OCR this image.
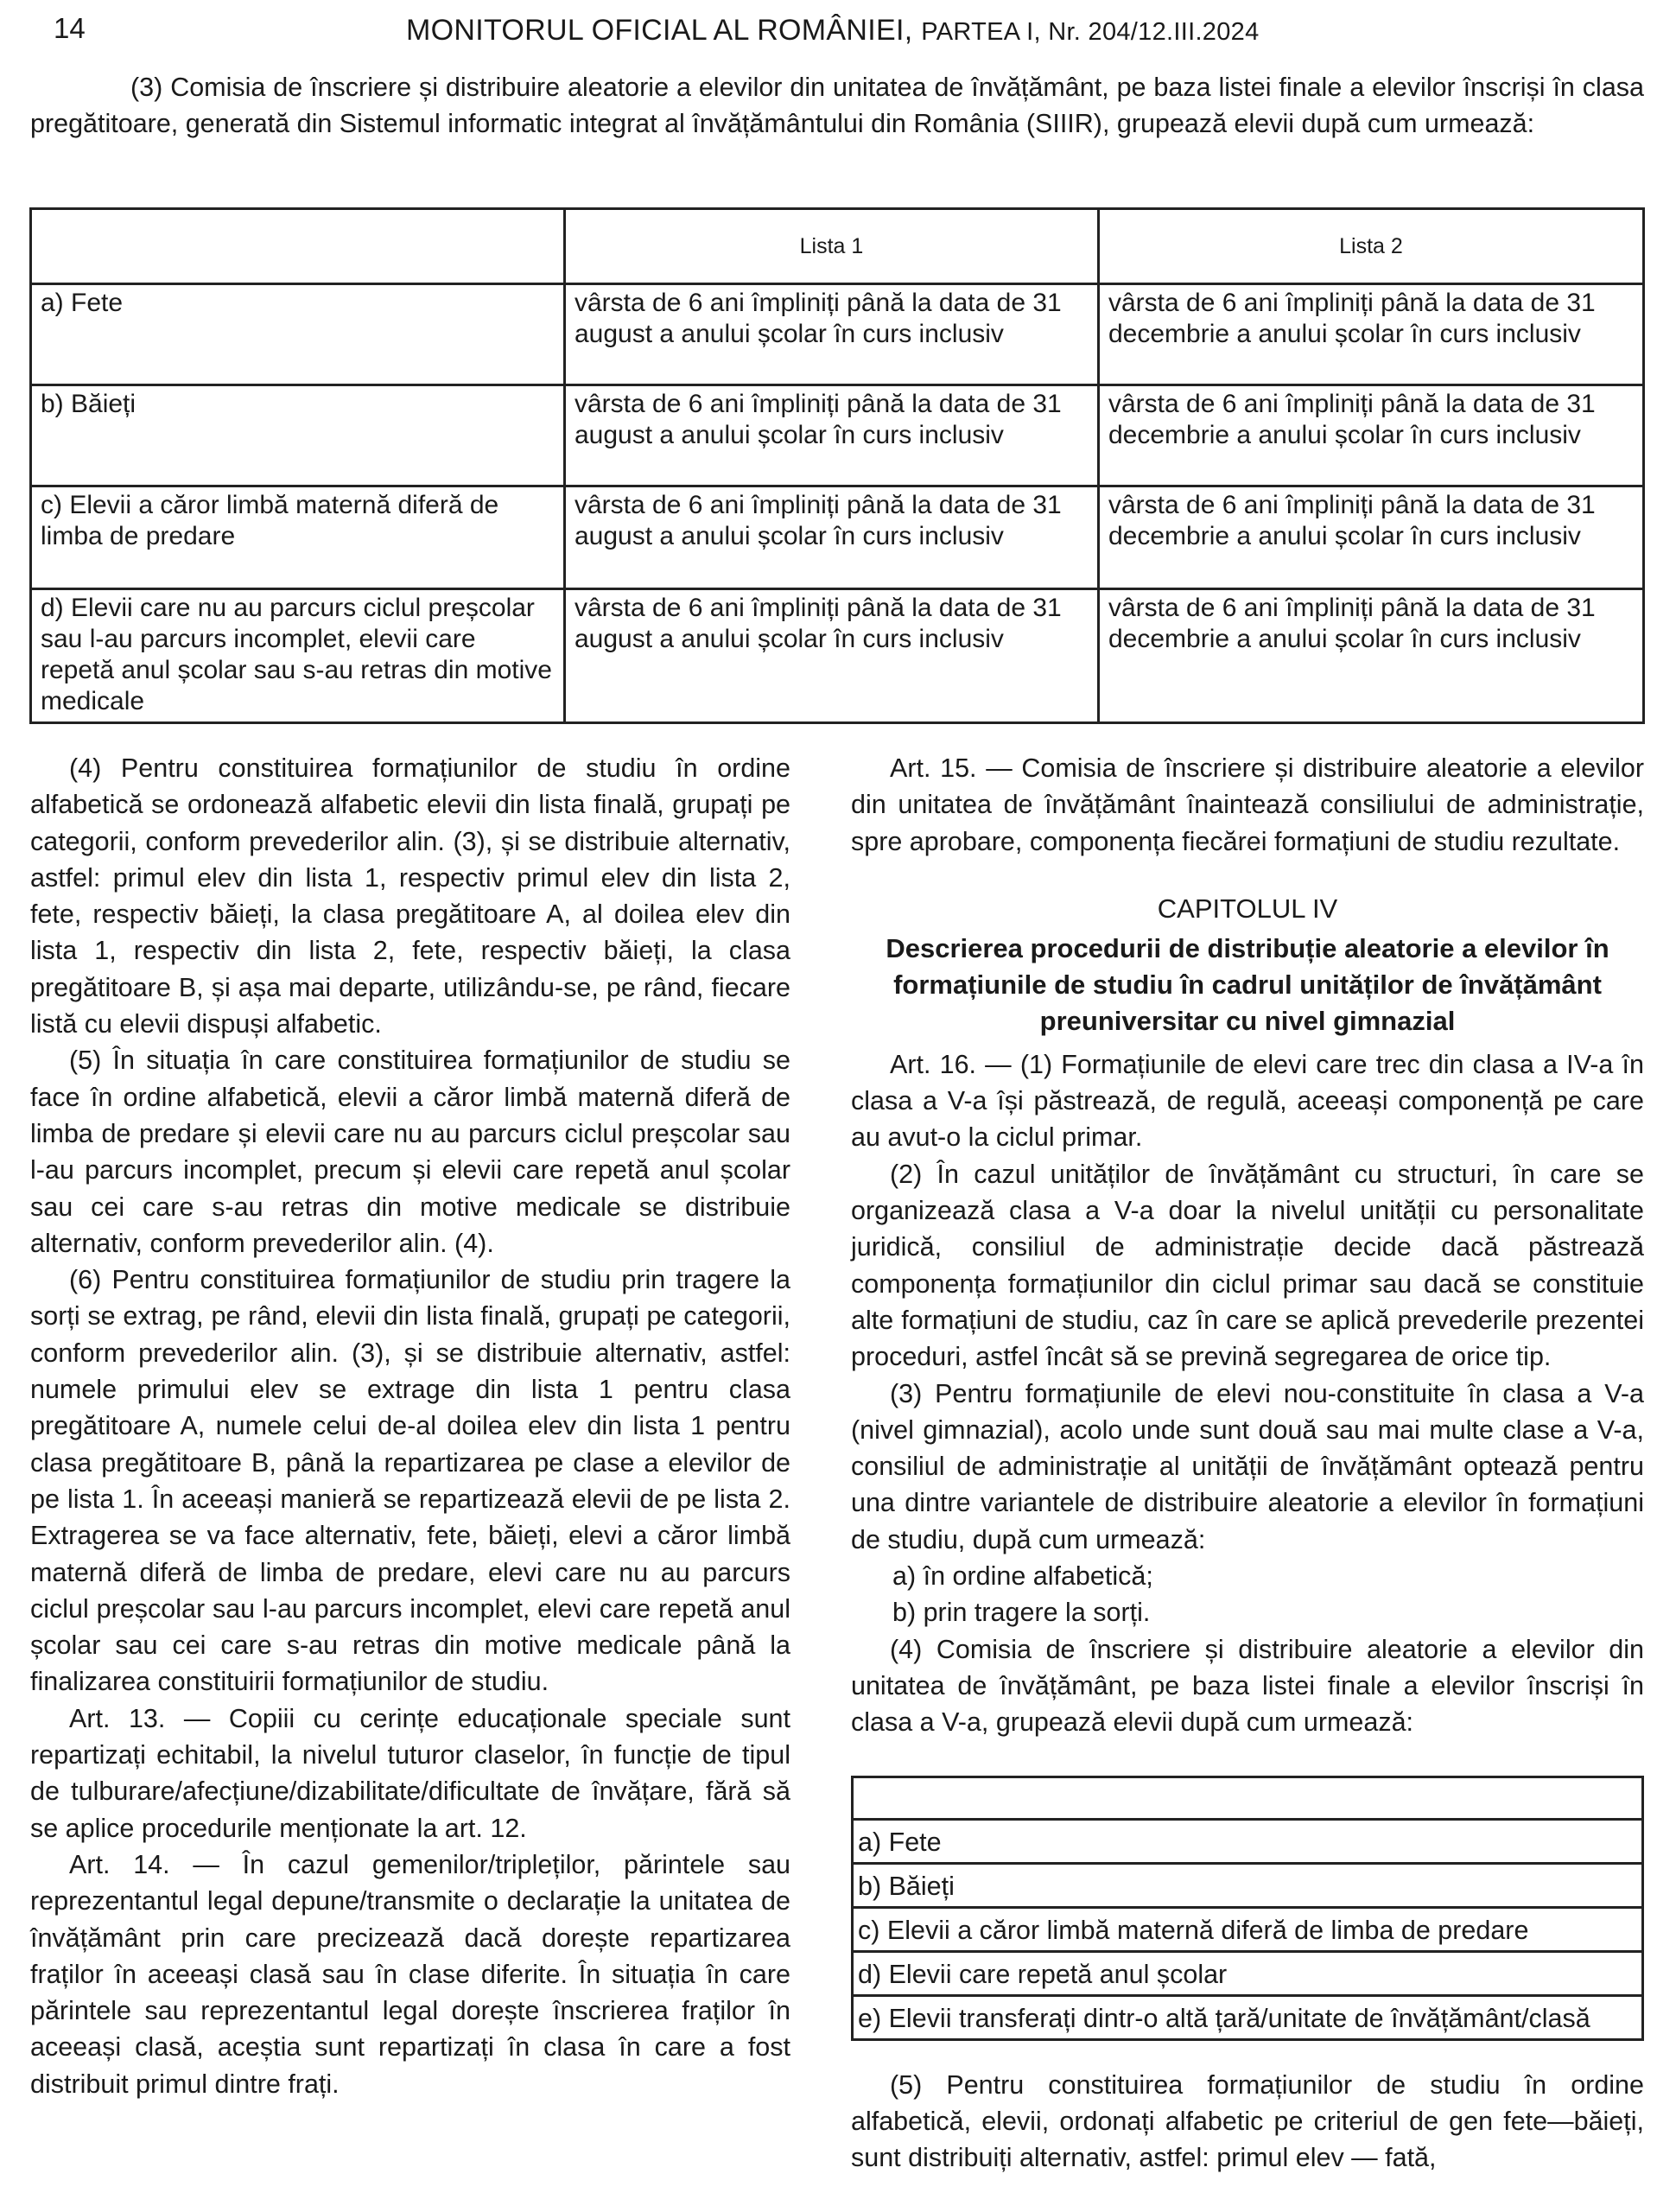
14	MONITORUL OFICIAL AL ROMÂNIEI, PARTEA I, Nr. 204/12.III.2024

(3) Comisia de înscriere și distribuire aleatorie a elevilor din unitatea de învățământ, pe baza listei finale a elevilor înscriși în clasa pregătitoare, generată din Sistemul informatic integrat al învățământului din România (SIIIR), grupează elevii după cum urmează:

	Lista 1	Lista 2
a) Fete	vârsta de 6 ani împliniți până la data de 31 august a anului școlar în curs inclusiv	vârsta de 6 ani împliniți până la data de 31 decembrie a anului școlar în curs inclusiv
b) Băieți	vârsta de 6 ani împliniți până la data de 31 august a anului școlar în curs inclusiv	vârsta de 6 ani împliniți până la data de 31 decembrie a anului școlar în curs inclusiv
c) Elevii a căror limbă maternă diferă de limba de predare	vârsta de 6 ani împliniți până la data de 31 august a anului școlar în curs inclusiv	vârsta de 6 ani împliniți până la data de 31 decembrie a anului școlar în curs inclusiv
d) Elevii care nu au parcurs ciclul preșcolar sau l-au parcurs incomplet, elevii care repetă anul școlar sau s-au retras din motive medicale	vârsta de 6 ani împliniți până la data de 31 august a anului școlar în curs inclusiv	vârsta de 6 ani împliniți până la data de 31 decembrie a anului școlar în curs inclusiv

(4) Pentru constituirea formațiunilor de studiu în ordine alfabetică se ordonează alfabetic elevii din lista finală, grupați pe categorii, conform prevederilor alin. (3), și se distribuie alternativ, astfel: primul elev din lista 1, respectiv primul elev din lista 2, fete, respectiv băieți, la clasa pregătitoare A, al doilea elev din lista 1, respectiv din lista 2, fete, respectiv băieți, la clasa pregătitoare B, și așa mai departe, utilizându-se, pe rând, fiecare listă cu elevii dispuși alfabetic.

(5) În situația în care constituirea formațiunilor de studiu se face în ordine alfabetică, elevii a căror limbă maternă diferă de limba de predare și elevii care nu au parcurs ciclul preșcolar sau l-au parcurs incomplet, precum și elevii care repetă anul școlar sau cei care s-au retras din motive medicale se distribuie alternativ, conform prevederilor alin. (4).

(6) Pentru constituirea formațiunilor de studiu prin tragere la sorți se extrag, pe rând, elevii din lista finală, grupați pe categorii, conform prevederilor alin. (3), și se distribuie alternativ, astfel: numele primului elev se extrage din lista 1 pentru clasa pregătitoare A, numele celui de-al doilea elev din lista 1 pentru clasa pregătitoare B, până la repartizarea pe clase a elevilor de pe lista 1. În aceeași manieră se repartizează elevii de pe lista 2. Extragerea se va face alternativ, fete, băieți, elevi a căror limbă maternă diferă de limba de predare, elevi care nu au parcurs ciclul preșcolar sau l-au parcurs incomplet, elevi care repetă anul școlar sau cei care s-au retras din motive medicale până la finalizarea constituirii formațiunilor de studiu.

Art. 13. — Copiii cu cerințe educaționale speciale sunt repartizați echitabil, la nivelul tuturor claselor, în funcție de tipul de tulburare/afecțiune/dizabilitate/dificultate de învățare, fără să se aplice procedurile menționate la art. 12.

Art. 14. — În cazul gemenilor/tripleților, părintele sau reprezentantul legal depune/transmite o declarație la unitatea de învățământ prin care precizează dacă dorește repartizarea fraților în aceeași clasă sau în clase diferite. În situația în care părintele sau reprezentantul legal dorește înscrierea fraților în aceeași clasă, aceștia sunt repartizați în clasa în care a fost distribuit primul dintre frați.

Art. 15. — Comisia de înscriere și distribuire aleatorie a elevilor din unitatea de învățământ înaintează consiliului de administrație, spre aprobare, componența fiecărei formațiuni de studiu rezultate.

CAPITOLUL IV
Descrierea procedurii de distribuție aleatorie a elevilor în formațiunile de studiu în cadrul unităților de învățământ preuniversitar cu nivel gimnazial

Art. 16. — (1) Formațiunile de elevi care trec din clasa a IV-a în clasa a V-a își păstrează, de regulă, aceeași componență pe care au avut-o la ciclul primar.

(2) În cazul unităților de învățământ cu structuri, în care se organizează clasa a V-a doar la nivelul unității cu personalitate juridică, consiliul de administrație decide dacă păstrează componența formațiunilor din ciclul primar sau dacă se constituie alte formațiuni de studiu, caz în care se aplică prevederile prezentei proceduri, astfel încât să se prevină segregarea de orice tip.

(3) Pentru formațiunile de elevi nou-constituite în clasa a V-a (nivel gimnazial), acolo unde sunt două sau mai multe clase a V-a, consiliul de administrație al unității de învățământ optează pentru una dintre variantele de distribuire aleatorie a elevilor în formațiuni de studiu, după cum urmează:

a) în ordine alfabetică;

b) prin tragere la sorți.

(4) Comisia de înscriere și distribuire aleatorie a elevilor din unitatea de învățământ, pe baza listei finale a elevilor înscriși în clasa a V-a, grupează elevii după cum urmează:

a) Fete
b) Băieți
c) Elevii a căror limbă maternă diferă de limba de predare
d) Elevii care repetă anul școlar
e) Elevii transferați dintr-o altă țară/unitate de învățământ/clasă

(5) Pentru constituirea formațiunilor de studiu în ordine alfabetică, elevii, ordonați alfabetic pe criteriul de gen fete—băieți, sunt distribuiți alternativ, astfel: primul elev — fată,
